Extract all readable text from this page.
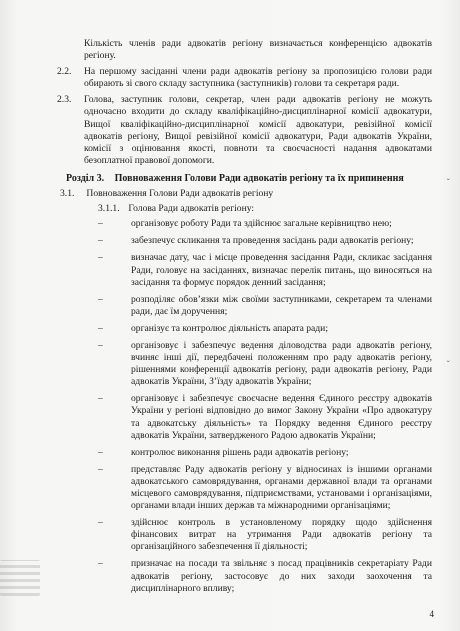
ˇ
ˇ
Кількість членів ради адвокатів регіону визначається конференцією адвокатів регіону.
2.2. На першому засіданні члени ради адвокатів регіону за пропозицією голови ради обирають зі свого складу заступника (заступників) голови та секретаря ради.
2.3. Голова, заступник голови, секретар, член ради адвокатів регіону не можуть одночасно входити до складу кваліфікаційно-дисциплінарної комісії адвокатури, Вищої кваліфікаційно-дисциплінарної комісії адвокатури, ревізійної комісії адвокатів регіону, Вищої ревізійної комісії адвокатури, Ради адвокатів України, комісії з оцінювання якості, повноти та своєчасності надання адвокатами безоплатної правової допомоги.
Розділ 3. Повноваження Голови Ради адвокатів регіону та їх припинення
3.1. Повноваження Голови Ради адвокатів регіону
3.1.1. Голова Ради адвокатів регіону:
–	організовує роботу Ради та здійснює загальне керівництво нею;
–	забезпечує скликання та проведення засідань ради адвокатів регіону;
–	визначає дату, час і місце проведення засідання Ради, скликає засідання Ради, головує на засіданнях, визначає перелік питань, що виносяться на засідання та формує порядок денний засідання;
–	розподіляє обов’язки між своїми заступниками, секретарем та членами ради, дає їм доручення;
–	організує та контролює діяльність апарата ради;
–	організовує і забезпечує ведення діловодства ради адвокатів регіону, вчиняє інші дії, передбачені положенням про раду адвокатів регіону, рішеннями конференції адвокатів регіону, ради адвокатів регіону, Ради адвокатів України, З’їзду адвокатів України;
–	організовує і забезпечує своєчасне ведення Єдиного реєстру адвокатів України у регіоні відповідно до вимог Закону України «Про адвокатуру та адвокатську діяльність» та Порядку ведення Єдиного реєстру адвокатів України, затвердженого Радою адвокатів України;
–	контролює виконання рішень ради адвокатів регіону;
–	представляє Раду адвокатів регіону у відносинах із іншими органами адвокатського самоврядування, органами державної влади та органами місцевого самоврядування, підприємствами, установами і організаціями, органами влади інших держав та міжнародними організаціями;
–	здійснює контроль в установленому порядку щодо здійснення фінансових витрат на утримання Ради адвокатів регіону та організаційного забезпечення її діяльності;
–	призначає на посади та звільняє з посад працівників секретаріату Ради адвокатів регіону, застосовує до них заходи заохочення та дисциплінарного впливу;
4
